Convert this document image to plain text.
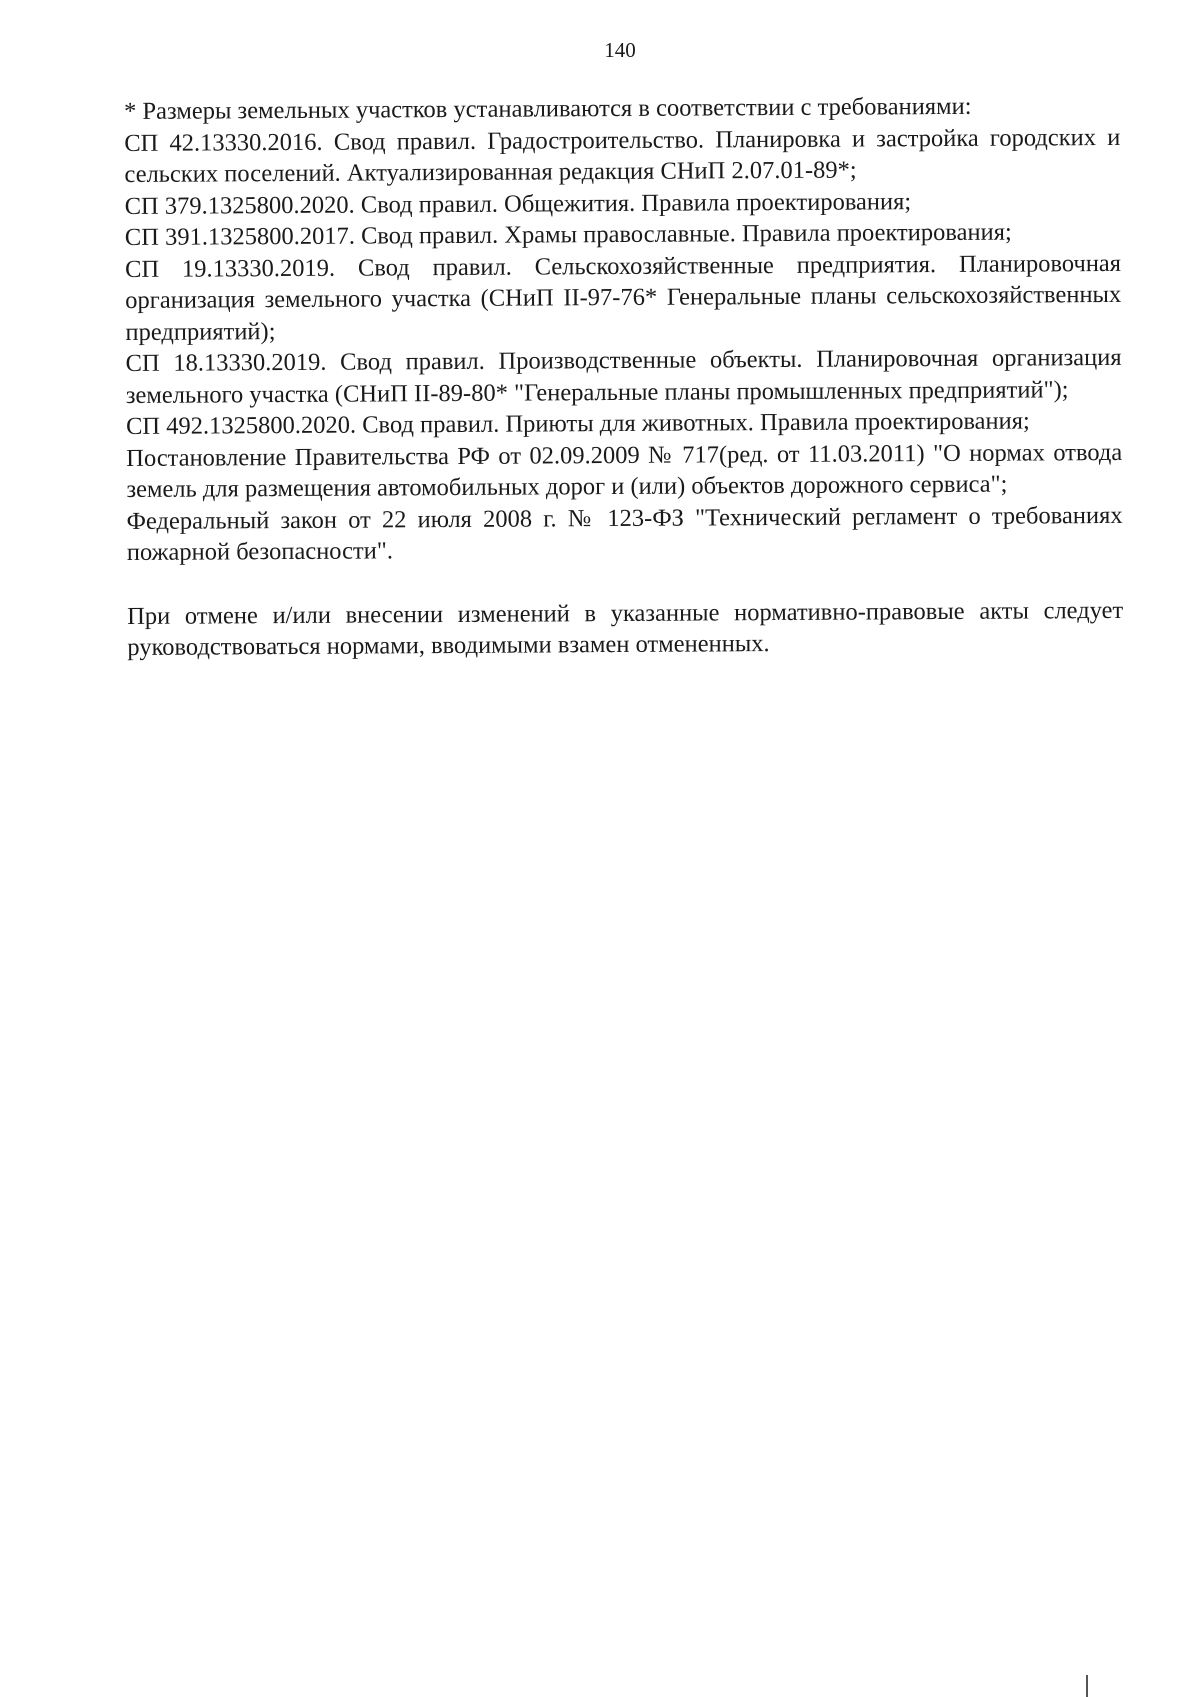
140

* Размеры земельных участков устанавливаются в соответствии с требованиями:

СП 42.13330.2016. Свод правил. Градостроительство. Планировка и застройка городских и сельских поселений. Актуализированная редакция СНиП 2.07.01-89*;

СП 379.1325800.2020. Свод правил. Общежития. Правила проектирования;

СП 391.1325800.2017. Свод правил. Храмы православные. Правила проектирования;

СП 19.13330.2019. Свод правил. Сельскохозяйственные предприятия. Планировочная организация земельного участка (СНиП II-97-76* Генеральные планы сельскохозяйственных предприятий);

СП 18.13330.2019. Свод правил. Производственные объекты. Планировочная организация земельного участка (СНиП II-89-80* "Генеральные планы промышленных предприятий");

СП 492.1325800.2020. Свод правил. Приюты для животных. Правила проектирования;

Постановление Правительства РФ от 02.09.2009 № 717(ред. от 11.03.2011) "О нормах отвода земель для размещения автомобильных дорог и (или) объектов дорожного сервиса";

Федеральный закон от 22 июля 2008 г. № 123-ФЗ "Технический регламент о требованиях пожарной безопасности".

При отмене и/или внесении изменений в указанные нормативно-правовые акты следует руководствоваться нормами, вводимыми взамен отмененных.
